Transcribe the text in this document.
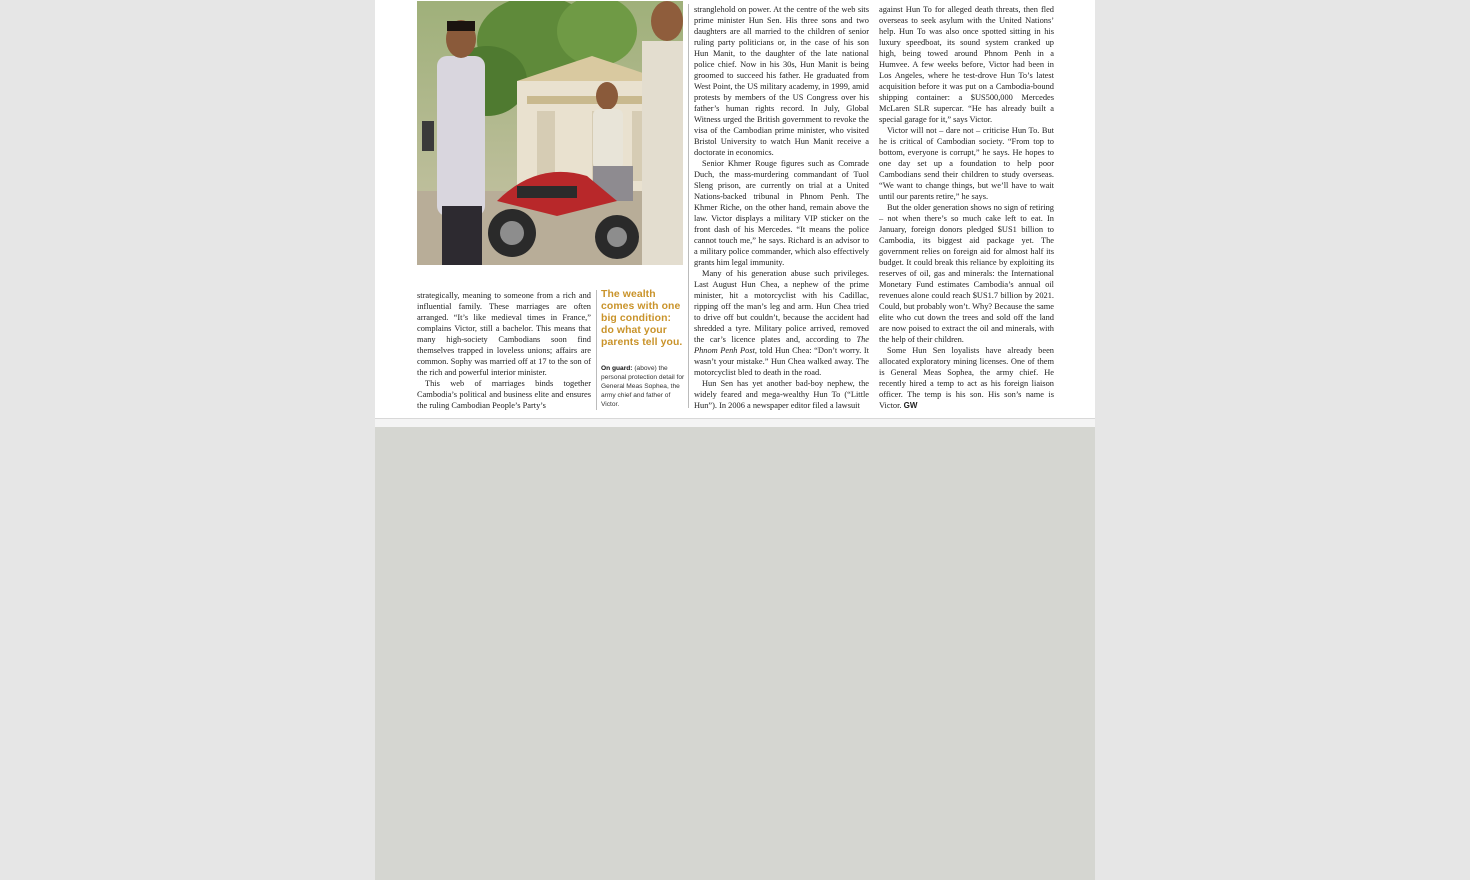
strategically, meaning to someone from a rich and influential family. These marriages are often arranged. “It’s like medieval times in France,” complains Victor, still a bachelor. This means that many high-society Cambodians soon find themselves trapped in loveless unions; affairs are common. Sophy was married off at 17 to the son of the rich and powerful interior minister.

This web of marriages binds together Cambodia’s political and business elite and ensures the ruling Cambodian People’s Party’s

The wealth comes with one big condition: do what your parents tell you.
On guard: (above) the personal protection detail for General Meas Sophea, the army chief and father of Victor.

stranglehold on power. At the centre of the web sits prime minister Hun Sen. His three sons and two daughters are all married to the children of senior ruling party politicians or, in the case of his son Hun Manit, to the daughter of the late national police chief. Now in his 30s, Hun Manit is being groomed to succeed his father. He graduated from West Point, the US military academy, in 1999, amid protests by members of the US Congress over his father’s human rights record. In July, Global Witness urged the British government to revoke the visa of the Cambodian prime minister, who visited Bristol University to watch Hun Manit receive a doctorate in economics.

Senior Khmer Rouge figures such as Comrade Duch, the mass-murdering commandant of Tuol Sleng prison, are currently on trial at a United Nations-backed tribunal in Phnom Penh. The Khmer Riche, on the other hand, remain above the law. Victor displays a military VIP sticker on the front dash of his Mercedes. “It means the police cannot touch me,” he says. Richard is an advisor to a military police commander, which also effectively grants him legal immunity.

Many of his generation abuse such privileges. Last August Hun Chea, a nephew of the prime minister, hit a motorcyclist with his Cadillac, ripping off the man’s leg and arm. Hun Chea tried to drive off but couldn’t, because the accident had shredded a tyre. Military police arrived, removed the car’s licence plates and, according to The Phnom Penh Post, told Hun Chea: “Don’t worry. It wasn’t your mistake.” Hun Chea walked away. The motorcyclist bled to death in the road.

Hun Sen has yet another bad-boy nephew, the widely feared and mega-wealthy Hun To (“Little Hun”). In 2006 a newspaper editor filed a lawsuit

against Hun To for alleged death threats, then fled overseas to seek asylum with the United Nations’ help. Hun To was also once spotted sitting in his luxury speedboat, its sound system cranked up high, being towed around Phnom Penh in a Humvee. A few weeks before, Victor had been in Los Angeles, where he test-drove Hun To’s latest acquisition before it was put on a Cambodia-bound shipping container: a $US500,000 Mercedes McLaren SLR supercar. “He has already built a special garage for it,” says Victor.

Victor will not – dare not – criticise Hun To. But he is critical of Cambodian society. “From top to bottom, everyone is corrupt,” he says. He hopes to one day set up a foundation to help poor Cambodians send their children to study overseas. “We want to change things, but we’ll have to wait until our parents retire,” he says.

But the older generation shows no sign of retiring – not when there’s so much cake left to eat. In January, foreign donors pledged $US1 billion to Cambodia, its biggest aid package yet. The government relies on foreign aid for almost half its budget. It could break this reliance by exploiting its reserves of oil, gas and minerals: the International Monetary Fund estimates Cambodia’s annual oil revenues alone could reach $US1.7 billion by 2021. Could, but probably won’t. Why? Because the same elite who cut down the trees and sold off the land are now poised to extract the oil and minerals, with the help of their children.

Some Hun Sen loyalists have already been allocated exploratory mining licenses. One of them is General Meas Sophea, the army chief. He recently hired a temp to act as his foreign liaison officer. The temp is his son. His son’s name is Victor. GW
